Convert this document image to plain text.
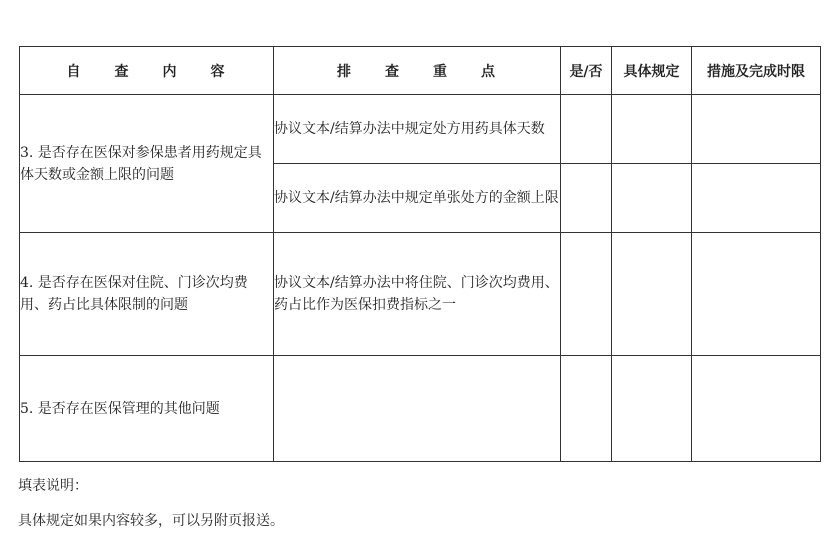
自　　查　　内　　容	排　　查　　重　　点	是/否	具体规定	措施及完成时限
3. 是否存在医保对参保患者用药规定具体天数或金额上限的问题	协议文本/结算办法中规定处方用药具体天数			
	协议文本/结算办法中规定单张处方的金额上限			
4. 是否存在医保对住院、门诊次均费用、药占比具体限制的问题	协议文本/结算办法中将住院、门诊次均费用、药占比作为医保扣费指标之一			
5. 是否存在医保管理的其他问题				
填表说明：
具体规定如果内容较多，可以另附页报送。
